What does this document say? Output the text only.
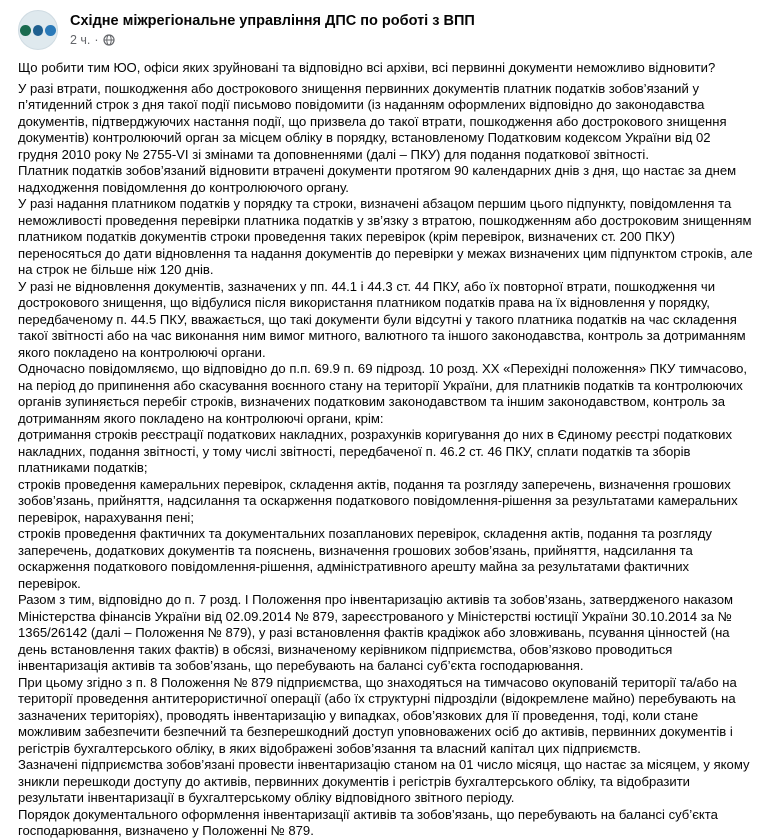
Східне міжрегіональне управління ДПС по роботі з ВПП
2 ч. ·

Що робити тим ЮО, офіси яких зруйновані та відповідно всі архіви, всі первинні документи неможливо відновити?

У разі втрати, пошкодження або дострокового знищення первинних документів платник податків зобов’язаний у п’ятиденний строк з дня такої події письмово повідомити (із наданням оформлених відповідно до законодавства документів, підтверджуючих настання події, що призвела до такої втрати, пошкодження або дострокового знищення документів) контролюючий орган за місцем обліку в порядку, встановленому Податковим кодексом України від 02 грудня 2010 року № 2755-VI зі змінами та доповненнями (далі – ПКУ) для подання податкової звітності.

Платник податків зобов’язаний відновити втрачені документи протягом 90 календарних днів з дня, що настає за днем надходження повідомлення до контролюючого органу.

У разі надання платником податків у порядку та строки, визначені абзацом першим цього підпункту, повідомлення та неможливості проведення перевірки платника податків у зв’язку з втратою, пошкодженням або достроковим знищенням платником податків документів строки проведення таких перевірок (крім перевірок, визначених ст. 200 ПКУ) переносяться до дати відновлення та надання документів до перевірки у межах визначених цим підпунктом строків, але на строк не більше ніж 120 днів.

У разі не відновлення документів, зазначених у пп. 44.1 і 44.3 ст. 44 ПКУ, або їх повторної втрати, пошкодження чи дострокового знищення, що відбулися після використання платником податків права на їх відновлення у порядку, передбаченому п. 44.5 ПКУ, вважається, що такі документи були відсутні у такого платника податків на час складення такої звітності або на час виконання ним вимог митного, валютного та іншого законодавства, контроль за дотриманням якого покладено на контролюючі органи.

Одночасно повідомляємо, що відповідно до п.п. 69.9 п. 69 підрозд. 10 розд. XX «Перехідні положення» ПКУ тимчасово, на період до припинення або скасування воєнного стану на території України, для платників податків та контролюючих органів зупиняється перебіг строків, визначених податковим законодавством та іншим законодавством, контроль за дотриманням якого покладено на контролюючі органи, крім:

дотримання строків реєстрації податкових накладних, розрахунків коригування до них в Єдиному реєстрі податкових накладних, подання звітності, у тому числі звітності, передбаченої п. 46.2 ст. 46 ПКУ, сплати податків та зборів платниками податків;

строків проведення камеральних перевірок, складення актів, подання та розгляду заперечень, визначення грошових зобов’язань, прийняття, надсилання та оскарження податкового повідомлення-рішення за результатами камеральних перевірок, нарахування пені;

строків проведення фактичних та документальних позапланових перевірок, складення актів, подання та розгляду заперечень, додаткових документів та пояснень, визначення грошових зобов’язань, прийняття, надсилання та оскарження податкового повідомлення-рішення, адміністративного арешту майна за результатами фактичних перевірок.

Разом з тим, відповідно до п. 7 розд. I Положення про інвентаризацію активів та зобов’язань, затвердженого наказом Міністерства фінансів України від 02.09.2014 № 879, зареєстрованого у Міністерстві юстиції України 30.10.2014 за № 1365/26142 (далі – Положення № 879), у разі встановлення фактів крадіжок або зловживань, псування цінностей (на день встановлення таких фактів) в обсязі, визначеному керівником підприємства, обов’язково проводиться інвентаризація активів та зобов’язань, що перебувають на балансі суб’єкта господарювання.

При цьому згідно з п. 8 Положення № 879 підприємства, що знаходяться на тимчасово окупованій території та/або на території проведення антитерористичної операції (або їх структурні підрозділи (відокремлене майно) перебувають на зазначених територіях), проводять інвентаризацію у випадках, обов’язкових для її проведення, тоді, коли стане можливим забезпечити безпечний та безперешкодний доступ уповноважених осіб до активів, первинних документів і регістрів бухгалтерського обліку, в яких відображені зобов’язання та власний капітал цих підприємств.

Зазначені підприємства зобов’язані провести інвентаризацію станом на 01 число місяця, що настає за місяцем, у якому зникли перешкоди доступу до активів, первинних документів і регістрів бухгалтерського обліку, та відобразити результати інвентаризації в бухгалтерському обліку відповідного звітного періоду.

Порядок документального оформлення інвентаризації активів та зобов’язань, що перебувають на балансі суб’єкта господарювання, визначено у Положенні № 879.
